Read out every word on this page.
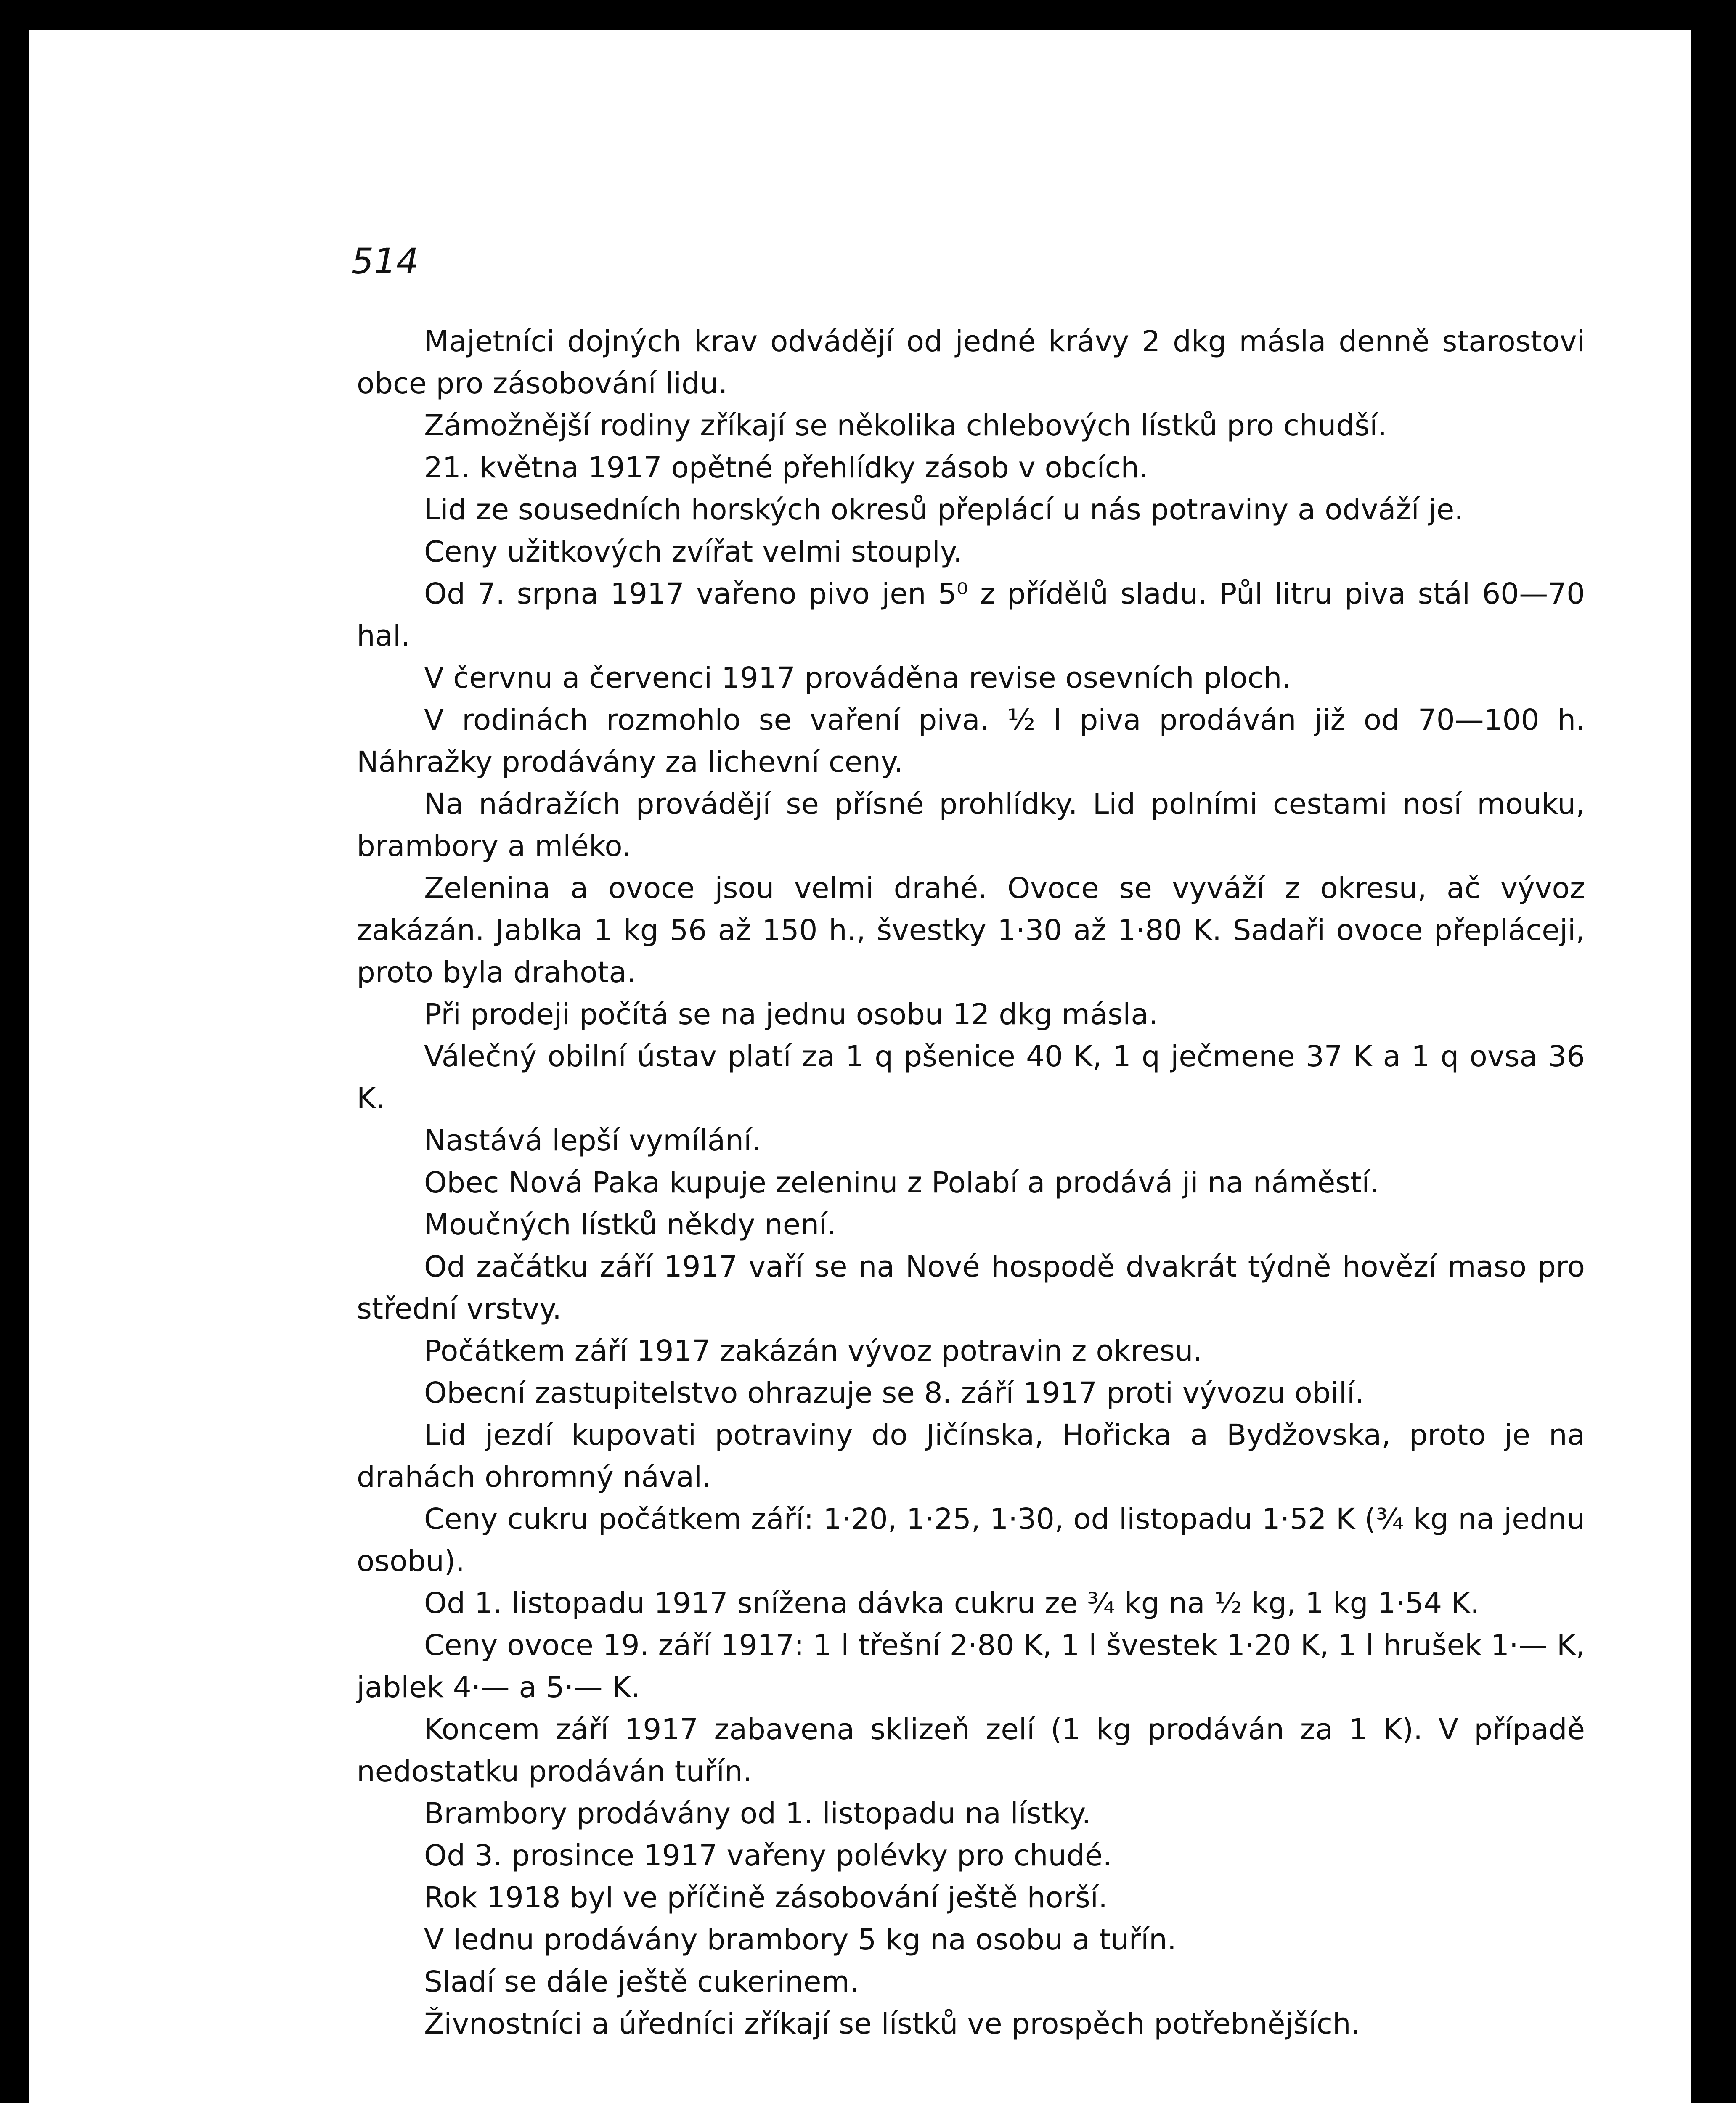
514

Majetníci dojných krav odvádějí od jedné krávy 2 dkg másla denně starostovi obce pro zásobování lidu.

Zámožnější rodiny zříkají se několika chlebových lístků pro chudší.

21. května 1917 opětné přehlídky zásob v obcích.

Lid ze sousedních horských okresů přeplácí u nás potraviny a odváží je.

Ceny užitkových zvířat velmi stouply.

Od 7. srpna 1917 vařeno pivo jen 5⁰ z přídělů sladu. Půl litru piva stál 60—70 hal.

V červnu a červenci 1917 prováděna revise osevních ploch.

V rodinách rozmohlo se vaření piva. ½ l piva prodáván již od 70—100 h. Náhražky prodávány za lichevní ceny.

Na nádražích provádějí se přísné prohlídky. Lid polními cestami nosí mouku, brambory a mléko.

Zelenina a ovoce jsou velmi drahé. Ovoce se vyváží z okresu, ač vývoz zakázán. Jablka 1 kg 56 až 150 h., švestky 1·30 až 1·80 K. Sadaři ovoce přepláceji, proto byla drahota.

Při prodeji počítá se na jednu osobu 12 dkg másla.

Válečný obilní ústav platí za 1 q pšenice 40 K, 1 q ječmene 37 K a 1 q ovsa 36 K.

Nastává lepší vymílání.

Obec Nová Paka kupuje zeleninu z Polabí a prodává ji na náměstí.

Moučných lístků někdy není.

Od začátku září 1917 vaří se na Nové hospodě dvakrát týdně hovězí maso pro střední vrstvy.

Počátkem září 1917 zakázán vývoz potravin z okresu.

Obecní zastupitelstvo ohrazuje se 8. září 1917 proti vývozu obilí.

Lid jezdí kupovati potraviny do Jičínska, Hořicka a Bydžovska, proto je na drahách ohromný nával.

Ceny cukru počátkem září: 1·20, 1·25, 1·30, od listopadu 1·52 K (¾ kg na jednu osobu).

Od 1. listopadu 1917 snížena dávka cukru ze ¾ kg na ½ kg, 1 kg 1·54 K.

Ceny ovoce 19. září 1917: 1 l třešní 2·80 K, 1 l švestek 1·20 K, 1 l hrušek 1·— K, jablek 4·— a 5·— K.

Koncem září 1917 zabavena sklizeň zelí (1 kg prodáván za 1 K). V případě nedostatku prodáván tuřín.

Brambory prodávány od 1. listopadu na lístky.

Od 3. prosince 1917 vařeny polévky pro chudé.

Rok 1918 byl ve příčině zásobování ještě horší.

V lednu prodávány brambory 5 kg na osobu a tuřín.

Sladí se dále ještě cukerinem.

Živnostníci a úředníci zříkají se lístků ve prospěch potřebnějších.
